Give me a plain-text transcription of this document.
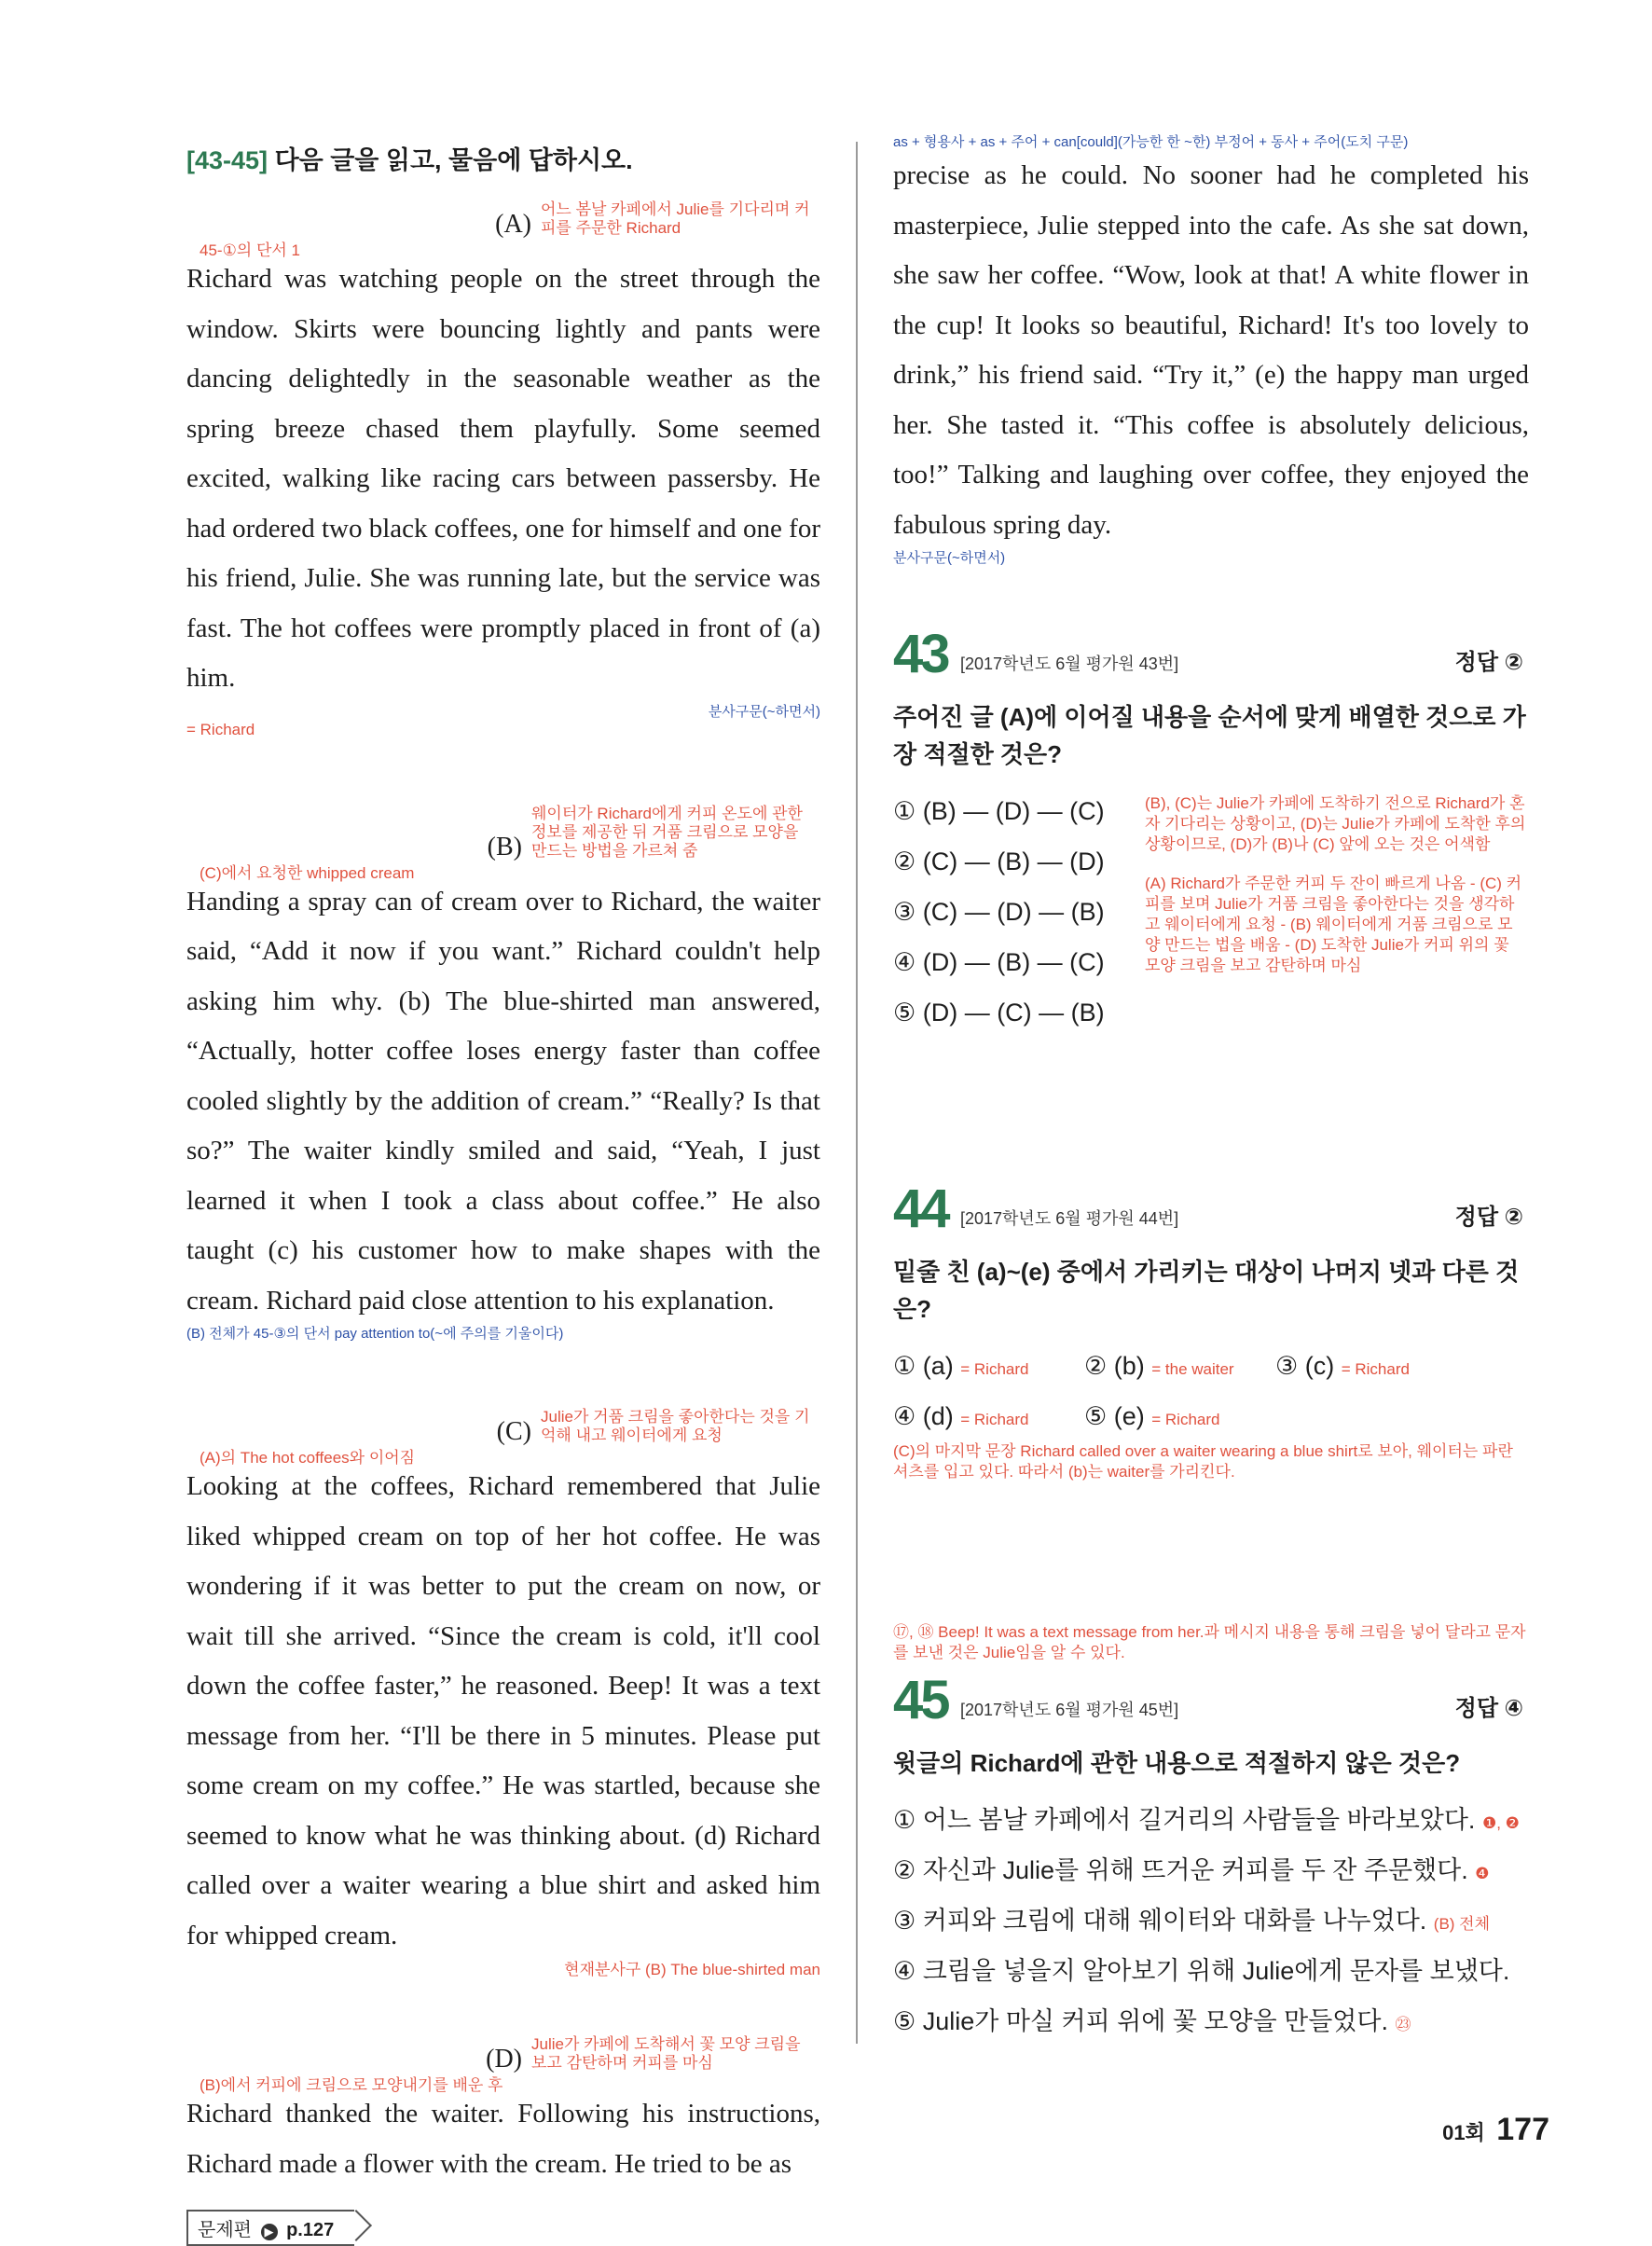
[43-45] 다음 글을 읽고, 물음에 답하시오.
(A)
어느 봄날 카페에서 Julie를 기다리며 커피를 주문한 Richard
45-①의 단서 1

Richard was watching people on the street through the window. Skirts were bouncing lightly and pants were dancing delightedly in the seasonable weather as the spring breeze chased them playfully. Some seemed excited, walking like racing cars between passersby. He had ordered two black coffees, one for himself and one for his friend, Julie. She was running late, but the service was fast. The hot coffees were promptly placed in front of (a) him.

분사구문(~하면서)
= Richard
(B)
웨이터가 Richard에게 커피 온도에 관한 정보를 제공한 뒤 거품 크림으로 모양을 만드는 방법을 가르쳐 줌
(C)에서 요청한 whipped cream

Handing a spray can of cream over to Richard, the waiter said, “Add it now if you want.” Richard couldn't help asking him why. (b) The blue-shirted man answered, “Actually, hotter coffee loses energy faster than coffee cooled slightly by the addition of cream.” “Really? Is that so?” The waiter kindly smiled and said, “Yeah, I just learned it when I took a class about coffee.” He also taught (c) his customer how to make shapes with the cream. Richard paid close attention to his explanation.

(B) 전체가 45-③의 단서 pay attention to(~에 주의를 기울이다)
(C)
Julie가 거품 크림을 좋아한다는 것을 기억해 내고 웨이터에게 요청
(A)의 The hot coffees와 이어짐

Looking at the coffees, Richard remembered that Julie liked whipped cream on top of her hot coffee. He was wondering if it was better to put the cream on now, or wait till she arrived. “Since the cream is cold, it'll cool down the coffee faster,” he reasoned. Beep! It was a text message from her. “I'll be there in 5 minutes. Please put some cream on my coffee.” He was startled, because she seemed to know what he was thinking about. (d) Richard called over a waiter wearing a blue shirt and asked him for whipped cream.

현재분사구 (B) The blue-shirted man
(D)
Julie가 카페에 도착해서 꽃 모양 크림을 보고 감탄하며 커피를 마심
(B)에서 커피에 크림으로 모양내기를 배운 후

Richard thanked the waiter. Following his instructions, Richard made a flower with the cream. He tried to be as

문제편 ▶ p.127
as + 형용사 + as + 주어 + can[could](가능한 한 ~한) 부정어 + 동사 + 주어(도치 구문)

precise as he could. No sooner had he completed his masterpiece, Julie stepped into the cafe. As she sat down, she saw her coffee. “Wow, look at that! A white flower in the cup! It looks so beautiful, Richard! It's too lovely to drink,” his friend said. “Try it,” (e) the happy man urged her. She tasted it. “This coffee is absolutely delicious, too!” Talking and laughing over coffee, they enjoyed the fabulous spring day.

분사구문(~하면서)
43 [2017학년도 6월 평가원 43번]	정답 ②
주어진 글 (A)에 이어질 내용을 순서에 맞게 배열한 것으로 가장 적절한 것은?
① (B) — (D) — (C)
② (C) — (B) — (D)
③ (C) — (D) — (B)
④ (D) — (B) — (C)
⑤ (D) — (C) — (B)
(B), (C)는 Julie가 카페에 도착하기 전으로 Richard가 혼자 기다리는 상황이고, (D)는 Julie가 카페에 도착한 후의 상황이므로, (D)가 (B)나 (C) 앞에 오는 것은 어색함
(A) Richard가 주문한 커피 두 잔이 빠르게 나옴 - (C) 커피를 보며 Julie가 거품 크림을 좋아한다는 것을 생각하고 웨이터에게 요청 - (B) 웨이터에게 거품 크림으로 모양 만드는 법을 배움 - (D) 도착한 Julie가 커피 위의 꽃 모양 크림을 보고 감탄하며 마심
44 [2017학년도 6월 평가원 44번]	정답 ②
밑줄 친 (a)~(e) 중에서 가리키는 대상이 나머지 넷과 다른 것은?
① (a) = Richard	② (b) = the waiter	③ (c) = Richard
④ (d) = Richard	⑤ (e) = Richard
(C)의 마지막 문장 Richard called over a waiter wearing a blue shirt로 보아, 웨이터는 파란 셔츠를 입고 있다. 따라서 (b)는 waiter를 가리킨다.
⑰, ⑱ Beep! It was a text message from her.과 메시지 내용을 통해 크림을 넣어 달라고 문자를 보낸 것은 Julie임을 알 수 있다.
45 [2017학년도 6월 평가원 45번]	정답 ④
윗글의 Richard에 관한 내용으로 적절하지 않은 것은?
① 어느 봄날 카페에서 길거리의 사람들을 바라보았다. ❶, ❷
② 자신과 Julie를 위해 뜨거운 커피를 두 잔 주문했다. ❹
③ 커피와 크림에 대해 웨이터와 대화를 나누었다. (B) 전체
④ 크림을 넣을지 알아보기 위해 Julie에게 문자를 보냈다.
⑤ Julie가 마실 커피 위에 꽃 모양을 만들었다. ㉓
01회 177
